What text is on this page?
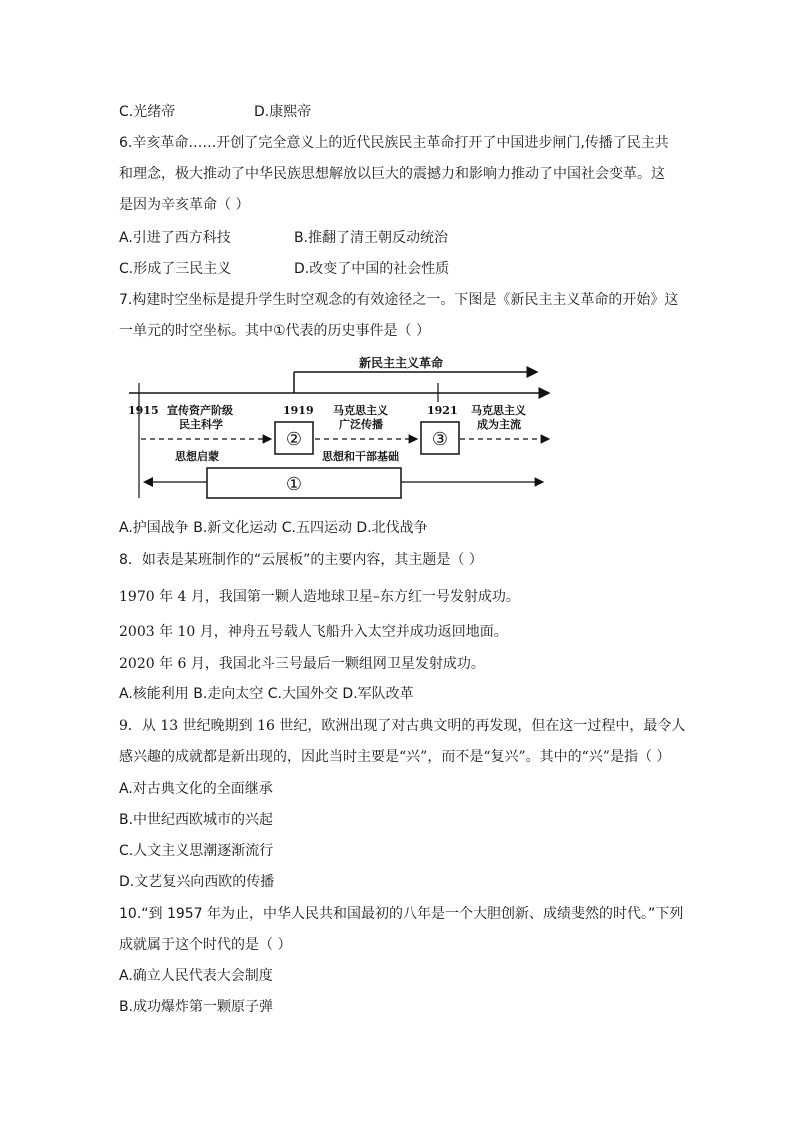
C.光绪帝	D.康熙帝
6.辛亥革命……开创了完全意义上的近代民族民主革命打开了中国进步闸门,传播了民主共
和理念，极大推动了中华民族思想解放以巨大的震撼力和影响力推动了中国社会变革。这
是因为辛亥革命（ ）
A.引进了西方科技	B.推翻了清王朝反动统治
C.形成了三民主义	D.改变了中国的社会性质
7.构建时空坐标是提升学生时空观念的有效途径之一。下图是《新民主主义革命的开始》这
一单元的时空坐标。其中①代表的历史事件是（ ）
新民主主义革命
1915	1919	1921
宣传资产阶级
民主科学
马克思主义
广泛传播
马克思主义
成为主流
②	③
思想启蒙	思想和干部基础
①
A.护国战争 B.新文化运动 C.五四运动 D.北伐战争
8．如表是某班制作的“云展板”的主要内容，其主题是（ ）
1970 年 4 月，我国第一颗人造地球卫星–东方红一号发射成功。
2003 年 10 月，神舟五号载人飞船升入太空并成功返回地面。
2020 年 6 月，我国北斗三号最后一颗组网卫星发射成功。
A.核能利用 B.走向太空 C.大国外交 D.军队改革
9．从 13 世纪晚期到 16 世纪，欧洲出现了对古典文明的再发现，但在这一过程中，最令人
感兴趣的成就都是新出现的，因此当时主要是“兴”，而不是“复兴”。其中的“兴”是指（ ）
A.对古典文化的全面继承
B.中世纪西欧城市的兴起
C.人文主义思潮逐渐流行
D.文艺复兴向西欧的传播
10.“到 1957 年为止，中华人民共和国最初的八年是一个大胆创新、成绩斐然的时代。”下列
成就属于这个时代的是（ ）
A.确立人民代表大会制度
B.成功爆炸第一颗原子弹
